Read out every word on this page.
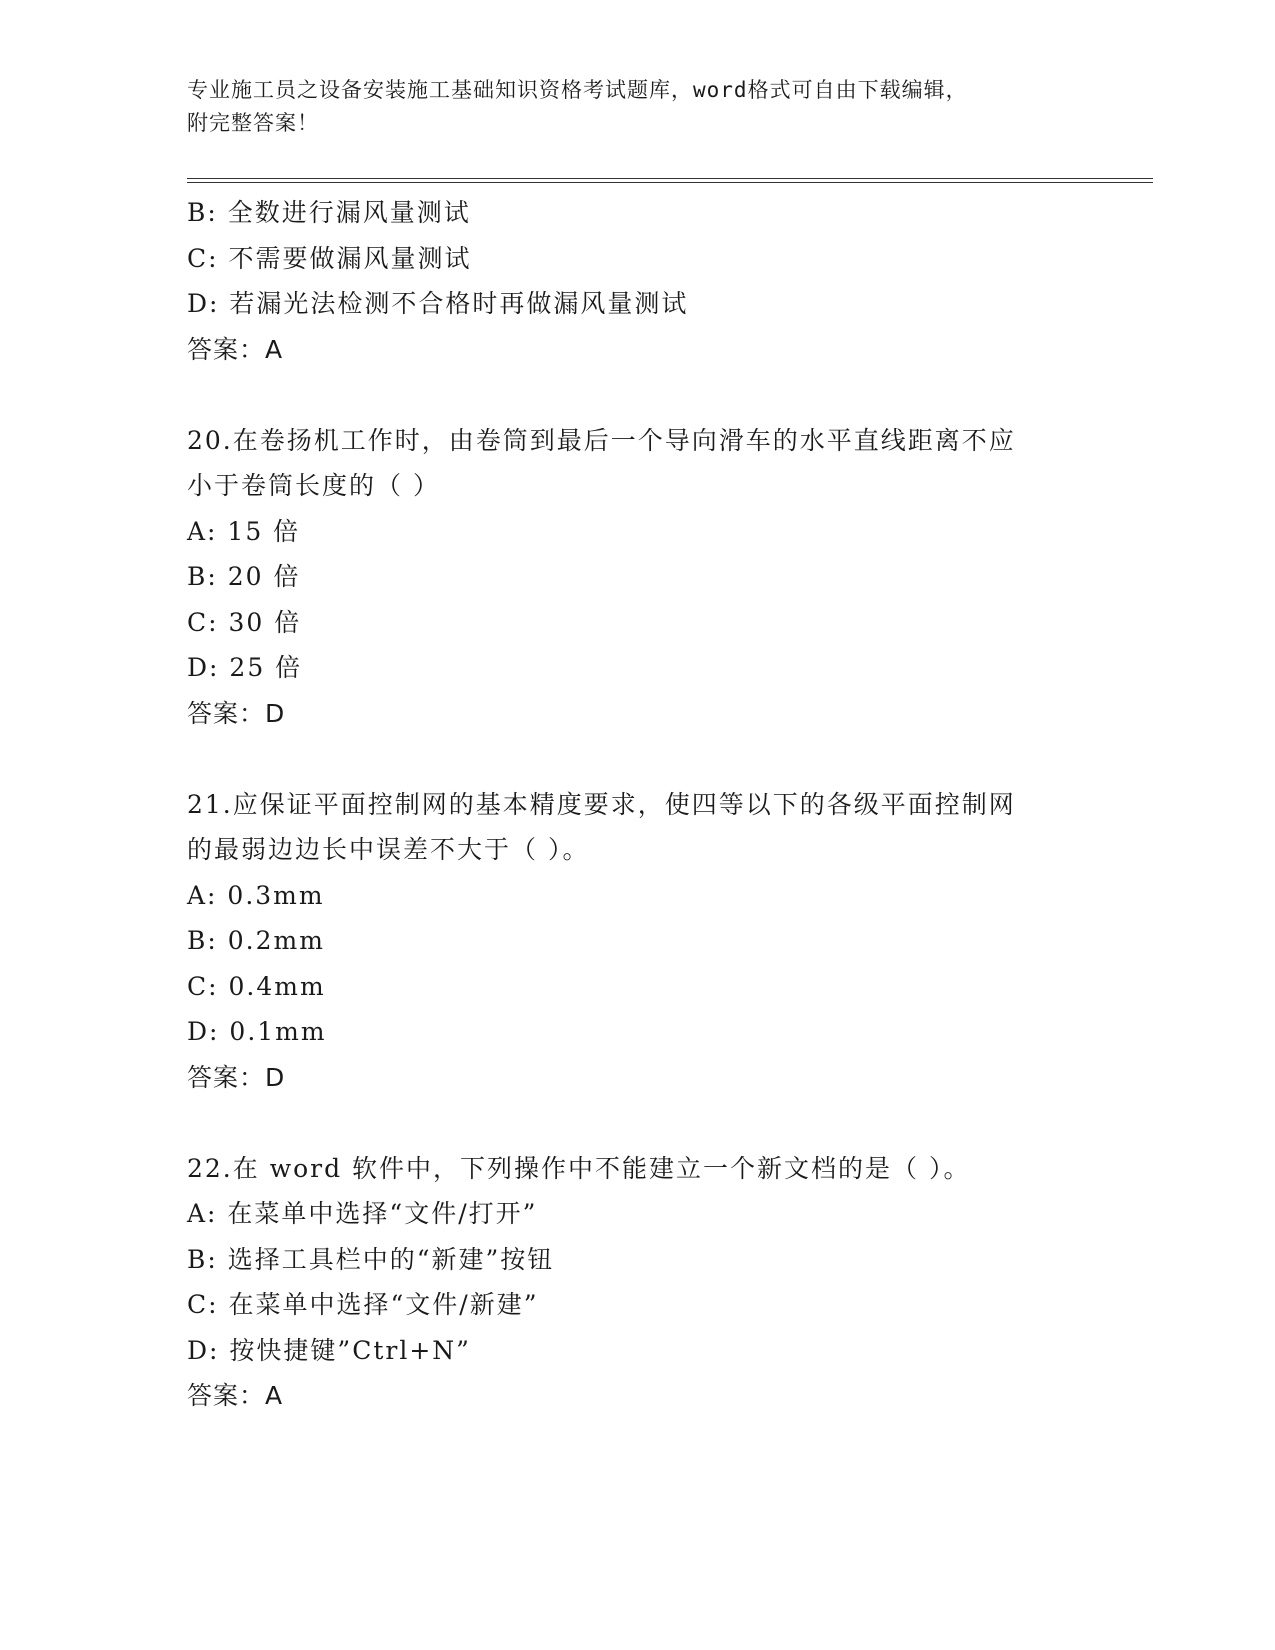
专业施工员之设备安装施工基础知识资格考试题库，word格式可自由下载编辑，
附完整答案！
B: 全数进行漏风量测试
C: 不需要做漏风量测试
D: 若漏光法检测不合格时再做漏风量测试
答案：A
20.在卷扬机工作时，由卷筒到最后一个导向滑车的水平直线距离不应
小于卷筒长度的（ ）
A: 15 倍
B: 20 倍
C: 30 倍
D: 25 倍
答案：D
21.应保证平面控制网的基本精度要求，使四等以下的各级平面控制网
的最弱边边长中误差不大于（ ）。
A: 0.3mm
B: 0.2mm
C: 0.4mm
D: 0.1mm
答案：D
22.在 word 软件中，下列操作中不能建立一个新文档的是（ ）。
A: 在菜单中选择“文件/打开”
B: 选择工具栏中的“新建”按钮
C: 在菜单中选择“文件/新建”
D: 按快捷键”Ctrl+N”
答案：A
